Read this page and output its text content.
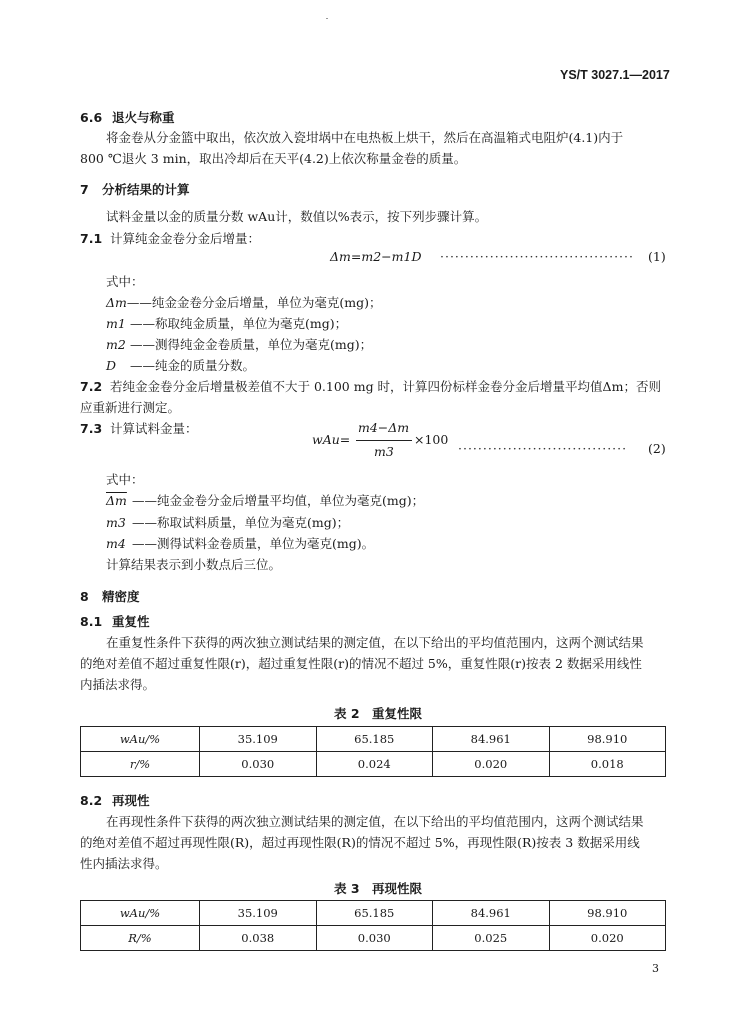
YS/T 3027.1—2017
6.6 退火与称重
将金卷从分金篮中取出，依次放入瓷坩埚中在电热板上烘干，然后在高温箱式电阻炉(4.1)内于
800 ℃退火 3 min，取出冷却后在天平(4.2)上依次称量金卷的质量。
7 分析结果的计算
试料金量以金的质量分数 wAu计，数值以%表示，按下列步骤计算。
7.1 计算纯金金卷分金后增量：
Δm=m2−m1D ······································· (1)
式中：
Δm——纯金金卷分金后增量，单位为毫克(mg)；
m1 ——称取纯金质量，单位为毫克(mg)；
m2 ——测得纯金金卷质量，单位为毫克(mg)；
D ——纯金的质量分数。
7.2 若纯金金卷分金后增量极差值不大于 0.100 mg 时，计算四份标样金卷分金后增量平均值Δm；否则
应重新进行测定。
7.3 计算试料金量：
wAu=
m4−Δm
m3
×100
·································· (2)
式中：
$\overline{\Delta m}$ ——纯金金卷分金后增量平均值，单位为毫克(mg)；
m3 ——称取试料质量，单位为毫克(mg)；
m4 ——测得试料金卷质量，单位为毫克(mg)。
计算结果表示到小数点后三位。
8 精密度
8.1 重复性
在重复性条件下获得的两次独立测试结果的测定值，在以下给出的平均值范围内，这两个测试结果
的绝对差值不超过重复性限(r)，超过重复性限(r)的情况不超过 5%，重复性限(r)按表 2 数据采用线性
内插法求得。
表 2　重复性限
wAu/%	35.109	65.185	84.961	98.910
r/%	0.030	0.024	0.020	0.018
8.2 再现性
在再现性条件下获得的两次独立测试结果的测定值，在以下给出的平均值范围内，这两个测试结果
的绝对差值不超过再现性限(R)，超过再现性限(R)的情况不超过 5%，再现性限(R)按表 3 数据采用线
性内插法求得。
表 3　再现性限
wAu/%	35.109	65.185	84.961	98.910
R/%	0.038	0.030	0.025	0.020
3
